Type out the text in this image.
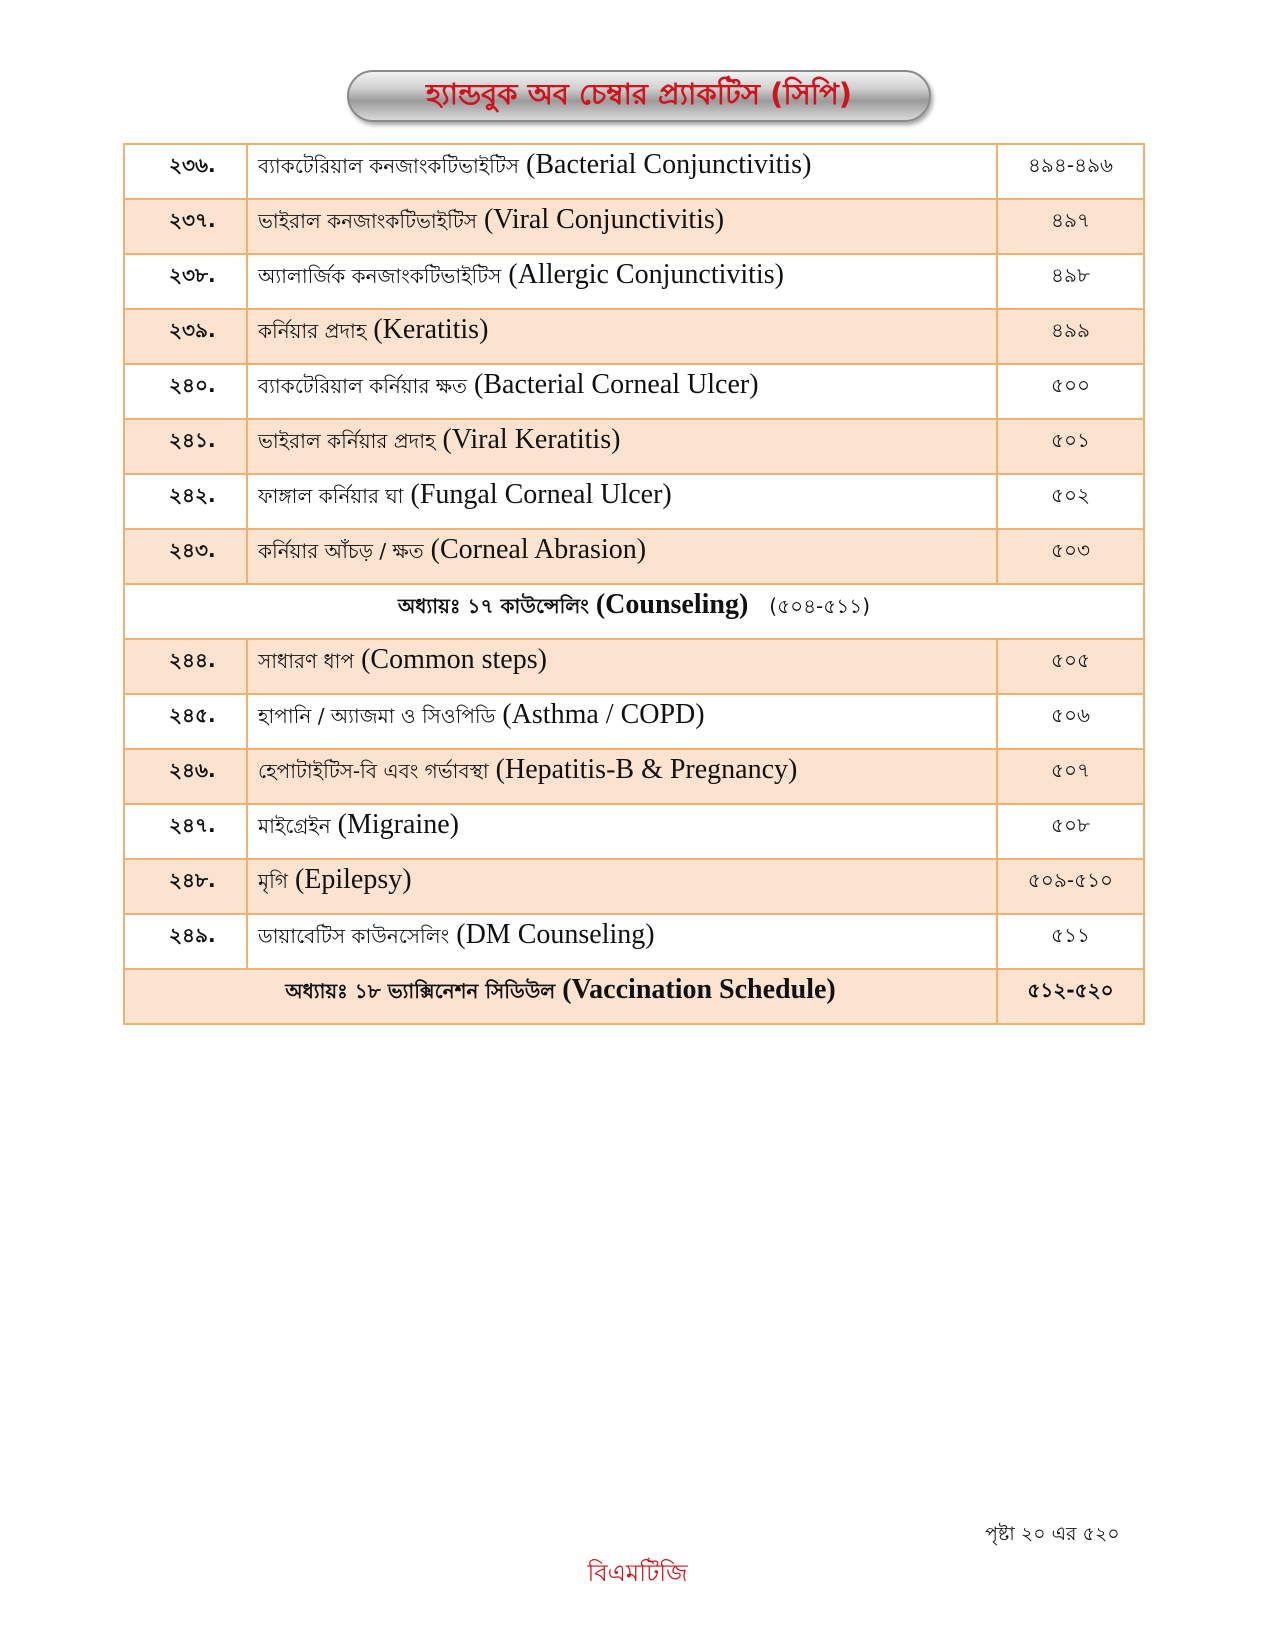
হ্যান্ডবুক অব চেম্বার প্র্যাকটিস (সিপি)
২৩৬.	ব্যাকটেরিয়াল কনজাংকটিভাইটিস (Bacterial Conjunctivitis)	৪৯৪-৪৯৬
২৩৭.	ভাইরাল কনজাংকটিভাইটিস (Viral Conjunctivitis)	৪৯৭
২৩৮.	অ্যালার্জিক কনজাংকটিভাইটিস (Allergic Conjunctivitis)	৪৯৮
২৩৯.	কর্নিয়ার প্রদাহ (Keratitis)	৪৯৯
২৪০.	ব্যাকটেরিয়াল কর্নিয়ার ক্ষত (Bacterial Corneal Ulcer)	৫০০
২৪১.	ভাইরাল কর্নিয়ার প্রদাহ (Viral Keratitis)	৫০১
২৪২.	ফাঙ্গাল কর্নিয়ার ঘা (Fungal Corneal Ulcer)	৫০২
২৪৩.	কর্নিয়ার আঁচড় / ক্ষত (Corneal Abrasion)	৫০৩
অধ্যায়ঃ ১৭ কাউন্সেলিং (Counseling) (৫০৪-৫১১)		
২৪৪.	সাধারণ ধাপ (Common steps)	৫০৫
২৪৫.	হাপানি / অ্যাজমা ও সিওপিডি (Asthma / COPD)	৫০৬
২৪৬.	হেপাটাইটিস-বি এবং গর্ভাবস্থা (Hepatitis-B & Pregnancy)	৫০৭
২৪৭.	মাইগ্রেইন (Migraine)	৫০৮
২৪৮.	মৃগি (Epilepsy)	৫০৯-৫১০
২৪৯.	ডায়াবেটিস কাউনসেলিং (DM Counseling)	৫১১
অধ্যায়ঃ ১৮ ভ্যাক্সিনেশন সিডিউল (Vaccination Schedule)		৫১২-৫২০
পৃষ্টা ২০ এর ৫২০
বিএমটিজি
